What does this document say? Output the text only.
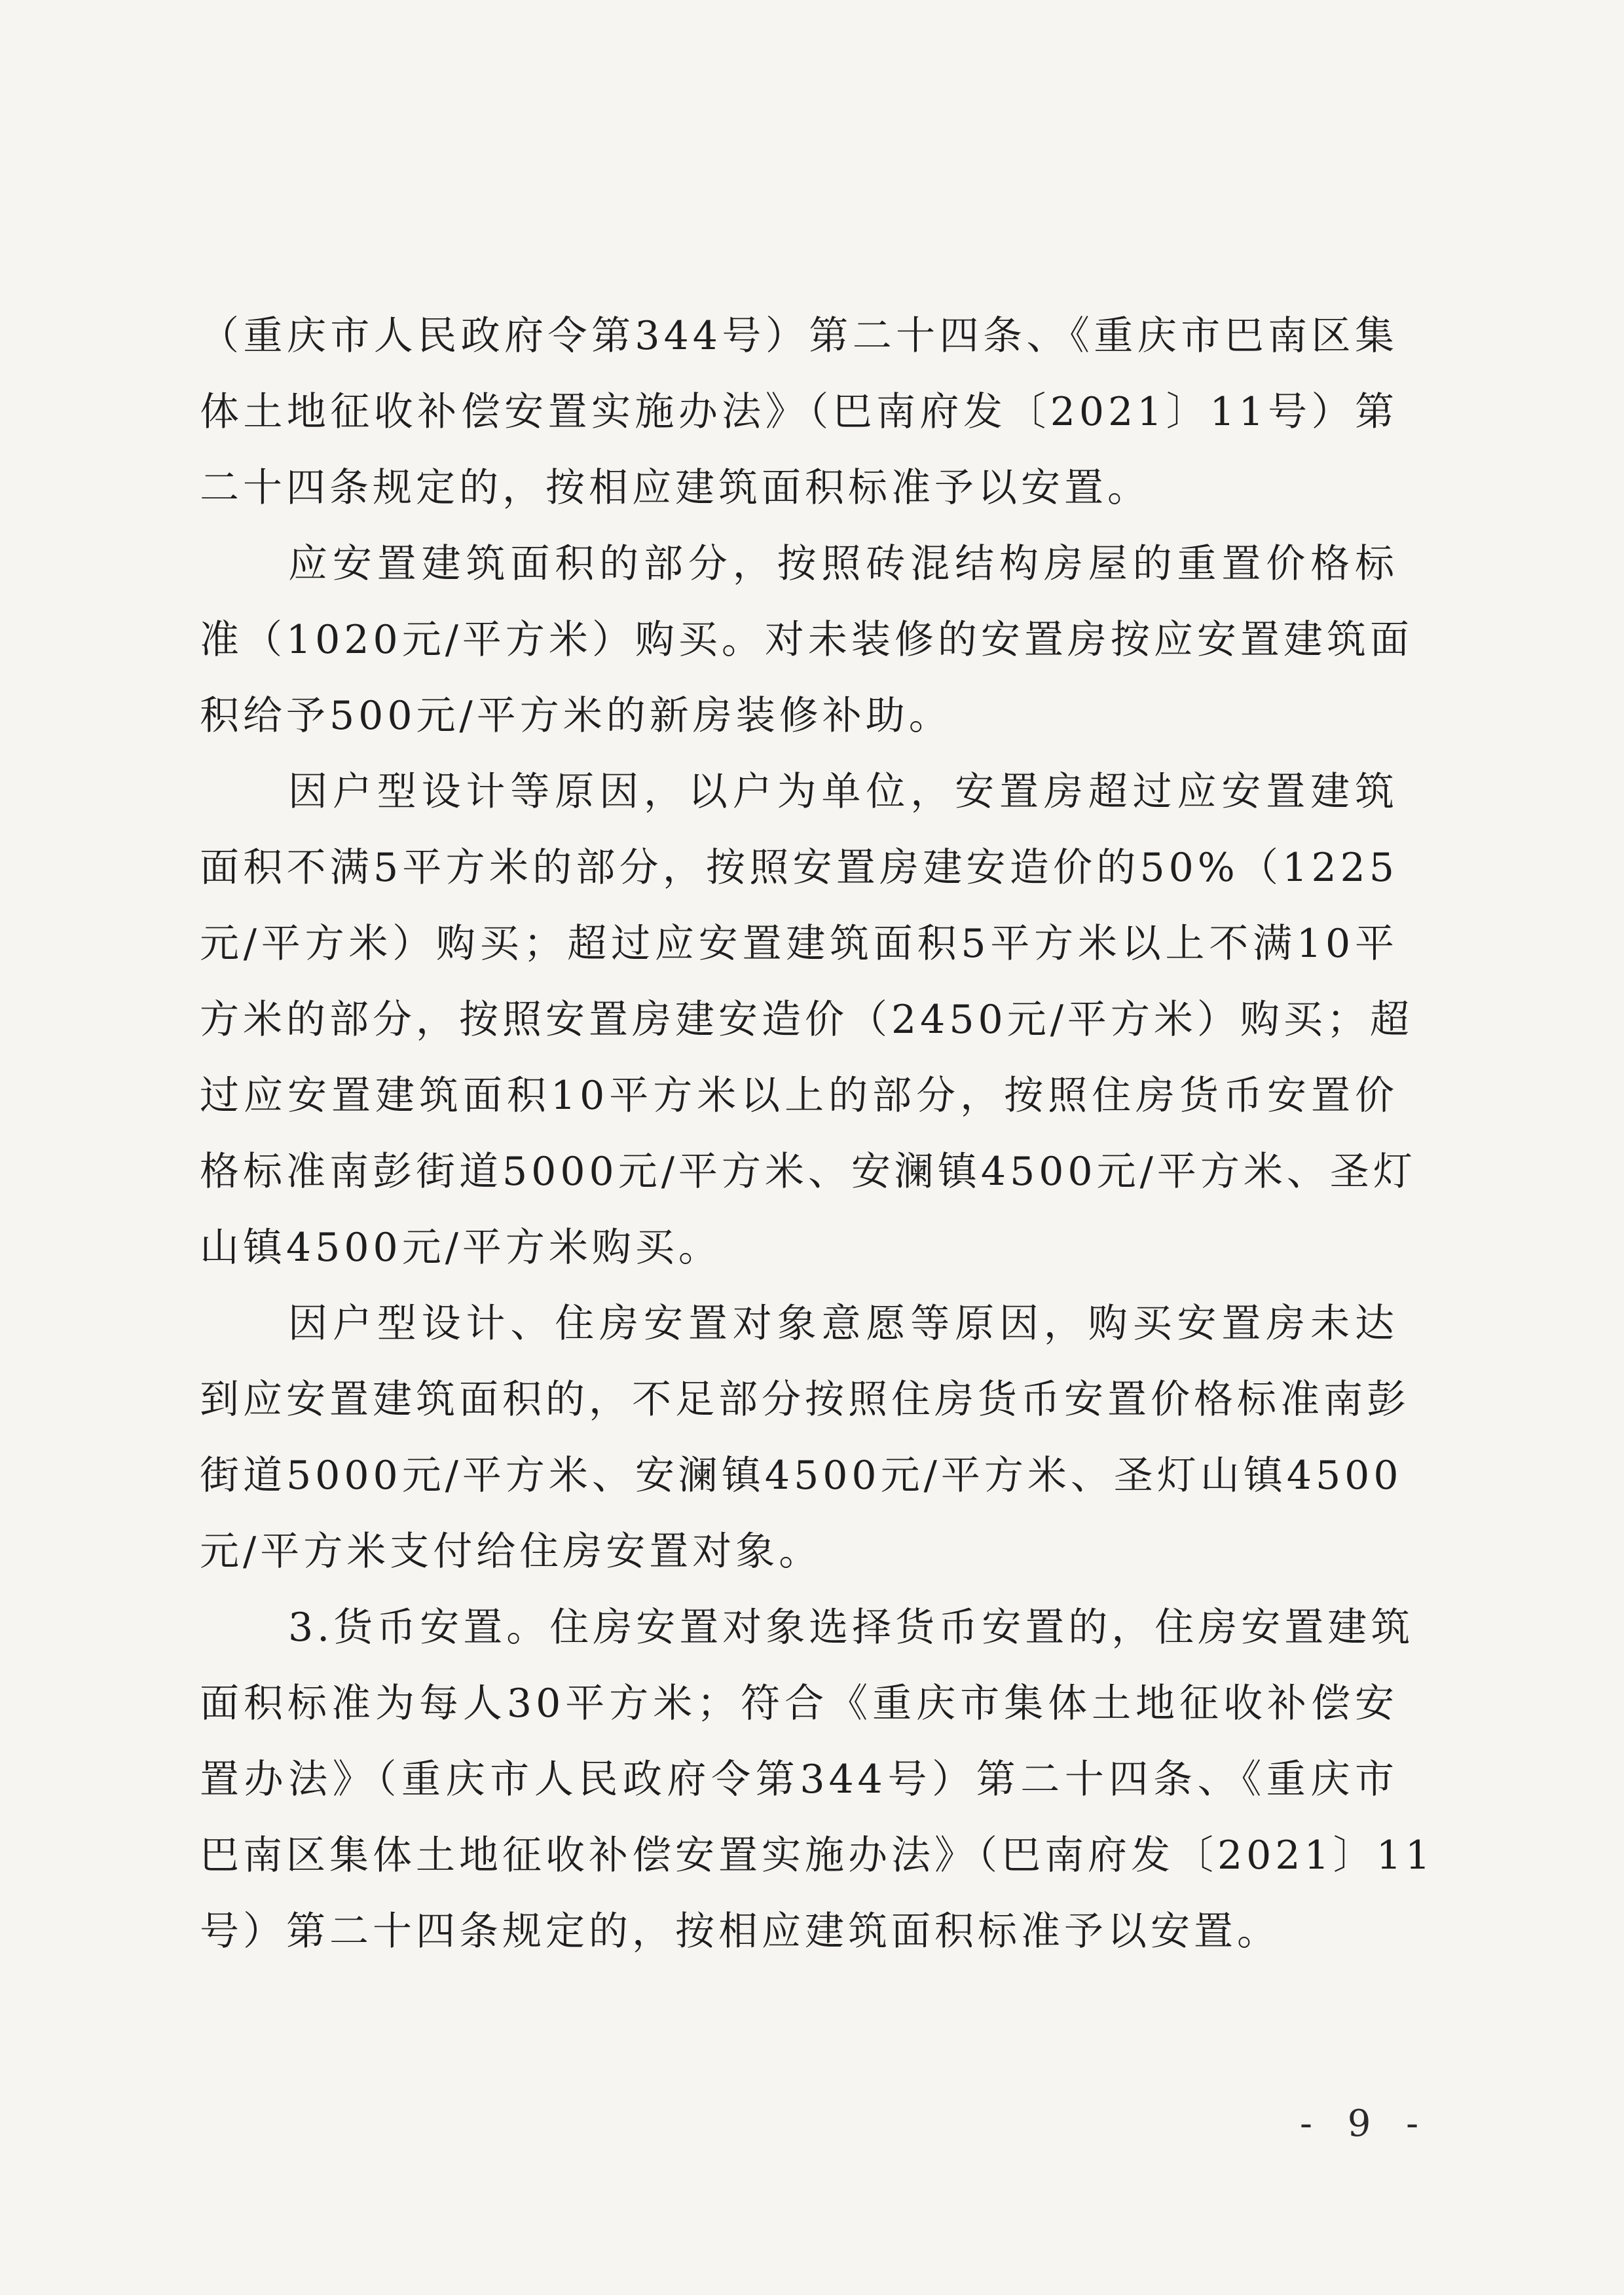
（重庆市人民政府令第344号）第二十四条、《重庆市巴南区集
体土地征收补偿安置实施办法》（巴南府发〔2021〕11号）第
二十四条规定的，按相应建筑面积标准予以安置。
应安置建筑面积的部分，按照砖混结构房屋的重置价格标
准（1020元/平方米）购买。对未装修的安置房按应安置建筑面
积给予500元/平方米的新房装修补助。
因户型设计等原因，以户为单位，安置房超过应安置建筑
面积不满5平方米的部分，按照安置房建安造价的50%（1225
元/平方米）购买；超过应安置建筑面积5平方米以上不满10平
方米的部分，按照安置房建安造价（2450元/平方米）购买；超
过应安置建筑面积10平方米以上的部分，按照住房货币安置价
格标准南彭街道5000元/平方米、安澜镇4500元/平方米、圣灯
山镇4500元/平方米购买。
因户型设计、住房安置对象意愿等原因，购买安置房未达
到应安置建筑面积的，不足部分按照住房货币安置价格标准南彭
街道5000元/平方米、安澜镇4500元/平方米、圣灯山镇4500
元/平方米支付给住房安置对象。
3.货币安置。住房安置对象选择货币安置的，住房安置建筑
面积标准为每人30平方米；符合《重庆市集体土地征收补偿安
置办法》（重庆市人民政府令第344号）第二十四条、《重庆市
巴南区集体土地征收补偿安置实施办法》（巴南府发〔2021〕11
号）第二十四条规定的，按相应建筑面积标准予以安置。
- 9 -
